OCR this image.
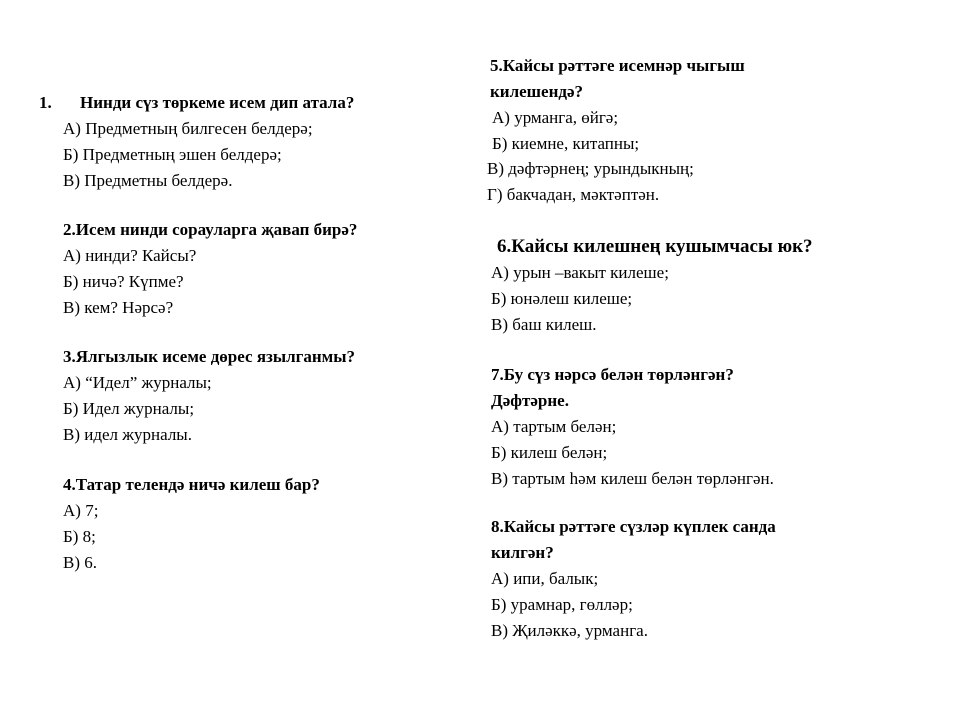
1. Нинди сүз төркеме исем дип атала?
А) Предметның билгесен белдерә;
Б) Предметның эшен белдерә;
В) Предметны белдерә.
2.Исем нинди сорауларга җавап бирә?
А) нинди? Кайсы?
Б) ничә? Күпме?
В) кем? Нәрсә?
3.Ялгызлык исеме дөрес язылганмы?
А) “Идел” журналы;
Б) Идел журналы;
В) идел журналы.
4.Татар телендә ничә килеш бар?
А) 7;
Б) 8;
В) 6.
5.Кайсы рәттәге исемнәр чыгыш
килешендә?
А) урманга, өйгә;
Б) киемне, китапны;
В) дәфтәрнең; урындыкның;
Г) бакчадан, мәктәптән.
6.Кайсы килешнең кушымчасы юк?
А) урын –вакыт килеше;
Б) юнәлеш килеше;
В) баш килеш.
7.Бу сүз нәрсә белән төрләнгән?
Дәфтәрне.
А) тартым белән;
Б) килеш белән;
В) тартым һәм килеш белән төрләнгән.
8.Кайсы рәттәге сүзләр күплек санда
килгән?
А) ипи, балык;
Б) урамнар, гөлләр;
В) Җиләккә, урманга.
